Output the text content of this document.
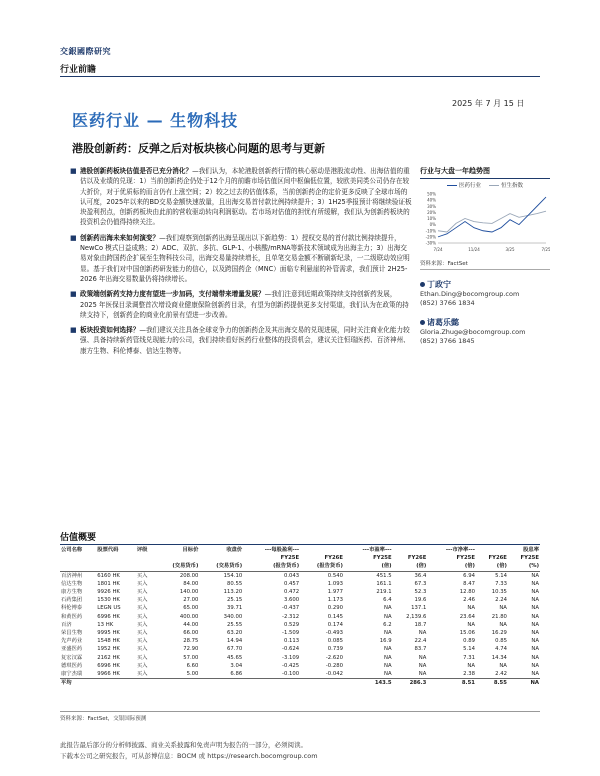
交銀國際研究
行业前瞻
2025 年 7 月 15 日
医药行业 — 生物科技
港股创新药：反弹之后对板块核心问题的思考与更新
■ 港股创新药板块估值是否已充分消化？—我们认为，本轮港股创新药行情的核心驱动是港股流动性、出海估值的重估以及业绩的兑现：1）当前创新药企仍处于12个月的前瞻市场估值区间中枢偏低位置，较欧美同类公司仍存在较大折价，对于优质标的而言仍有上涨空间；2）较之过去的估值体系，当前创新药企的定价更多反映了全球市场的认可度，2025年以来的BD交易金额快速放量，且出海交易首付款比例持续提升；3）1H25季报预计将继续验证板块盈利拐点，创新药板块由此前的营收驱动转向利润驱动。若市场对估值的担忧有所缓解，我们认为创新药板块的投资机会仍值得持续关注。
■ 创新药出海未来如何演变？—我们观察到创新药出海呈现出以下新趋势：1）授权交易的首付款比例持续提升，NewCo 模式日益成熟；2）ADC、双抗、多抗、GLP-1、小核酸/mRNA等新技术领域成为出海主力；3）出海交易对象由跨国药企扩展至生物科技公司，出海交易量持续增长，且单笔交易金额不断刷新纪录，一二级联动效应明显。基于我们对中国创新药研发能力的信心，以及跨国药企（MNC）面临专利悬崖的补管需求，我们预计 2H25-2026 年出海交易数量仍将持续增长。
■ 政策端创新药支持力度有望进一步加码，支付端带来增量发展？—我们注意到近期政策持续支持创新药发展，2025 年医保目录调整首次增设商业健康保险创新药目录，有望为创新药提供更多支付渠道，我们认为在政策的持续支持下，创新药企的商业化前景有望进一步改善。
■ 板块投资如何选择？—我们建议关注具备全球竞争力的创新药企及其出海交易的兑现进展，同时关注商业化能力较强、具备持续新药管线兑现能力的公司，我们持续看好医药行业整体的投资机会，建议关注恒瑞医药、百济神州、康方生物、科伦博泰、信达生物等。
行业与大盘一年趋势图
医药行业	恒生指数
50%
40%
30%
20%
10%
0%
-10%
-20%
-30%
7/24	11/24	3/25	7/25
资料来源：FactSet
丁政宁
Ethan.Ding@bocomgroup.com
(852) 3766 1834
诸葛乐懿
Gloria.Zhuge@bocomgroup.com
(852) 3766 1845
估值概要
公司名称	股票代码	评级	目标价	收盘价	---每股盈利---		---市盈率---		---市净率---		股息率
					FY25E	FY26E	FY25E	FY26E	FY25E	FY26E	FY25E
			(交易货币)	(交易货币)	(报告货币)	(报告货币)	(倍)	(倍)	(倍)	(倍)	(%)
百济神州	6160 HK	买入	208.00	154.10	0.043	0.540	451.5	36.4	6.94	5.14	NA
信达生物	1801 HK	买入	84.00	80.55	0.457	1.093	161.1	67.3	8.47	7.33	NA
康方生物	9926 HK	买入	140.00	113.20	0.472	1.977	219.1	52.3	12.80	10.35	NA
石药集团	1530 HK	买入	27.00	25.15	3.600	1.173	6.4	19.6	2.46	2.24	NA
科伦博泰	LEGN US	买入	65.00	39.71	-0.437	0.290	NA	137.1	NA	NA	NA
和黄医药	6996 HK	买入	400.00	340.00	-2.312	0.145	NA	2,139.6	23.64	21.80	NA
百济	13 HK	买入	44.00	25.55	0.529	0.174	6.2	18.7	NA	NA	NA
荣昌生物	9995 HK	买入	66.00	63.20	-1.509	-0.493	NA	NA	15.06	16.29	NA
先声药业	1548 HK	买入	28.75	14.94	0.113	0.085	16.9	22.4	0.89	0.85	NA
亚盛医药	1952 HK	买入	72.90	67.70	-0.624	0.739	NA	83.7	5.14	4.74	NA
复宏汉霖	2162 HK	买入	57.00	45.65	-3.109	-2.620	NA	NA	7.31	14.34	NA
德琪医药	6996 HK	买入	6.60	3.04	-0.425	-0.280	NA	NA	NA	NA	NA
康宁杰瑞	9966 HK	买入	5.00	6.86	-0.100	-0.042	NA	NA	2.38	2.42	NA
平均							143.5	286.3	8.51	8.55	NA
资料来源：FactSet，交银国际预测
此报告最后部分的分析师披露、商业关系披露和免责声明为报告的一部分，必须阅读。
下载本公司之研究报告，可从彭博信息：BOCM 或 https://research.bocomgroup.com
